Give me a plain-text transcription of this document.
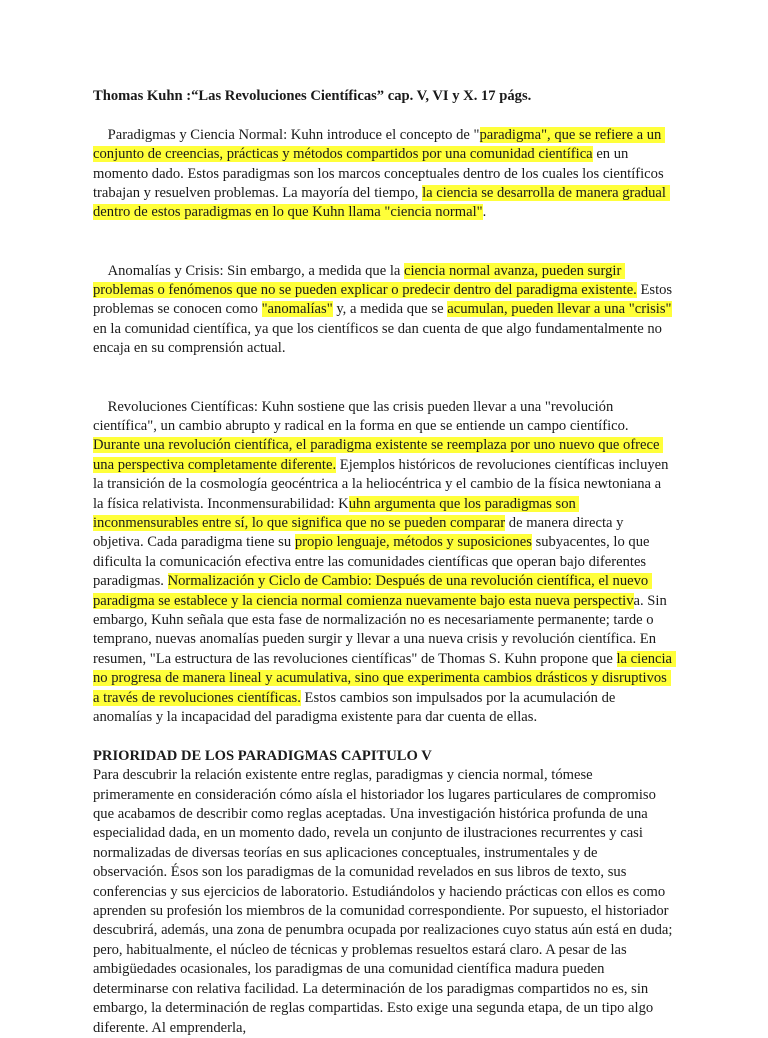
Thomas Kuhn :“Las Revoluciones Científicas” cap. V, VI y X. 17 págs.

Paradigmas y Ciencia Normal: Kuhn introduce el concepto de "paradigma", que se refiere a un conjunto de creencias, prácticas y métodos compartidos por una comunidad científica en un momento dado. Estos paradigmas son los marcos conceptuales dentro de los cuales los científicos trabajan y resuelven problemas. La mayoría del tiempo, la ciencia se desarrolla de manera gradual dentro de estos paradigmas en lo que Kuhn llama "ciencia normal".

Anomalías y Crisis: Sin embargo, a medida que la ciencia normal avanza, pueden surgir problemas o fenómenos que no se pueden explicar o predecir dentro del paradigma existente. Estos problemas se conocen como "anomalías" y, a medida que se acumulan, pueden llevar a una "crisis" en la comunidad científica, ya que los científicos se dan cuenta de que algo fundamentalmente no encaja en su comprensión actual.

Revoluciones Científicas: Kuhn sostiene que las crisis pueden llevar a una "revolución científica", un cambio abrupto y radical en la forma en que se entiende un campo científico. Durante una revolución científica, el paradigma existente se reemplaza por uno nuevo que ofrece una perspectiva completamente diferente. Ejemplos históricos de revoluciones científicas incluyen la transición de la cosmología geocéntrica a la heliocéntrica y el cambio de la física newtoniana a la física relativista. Inconmensurabilidad: Kuhn argumenta que los paradigmas son inconmensurables entre sí, lo que significa que no se pueden comparar de manera directa y objetiva. Cada paradigma tiene su propio lenguaje, métodos y suposiciones subyacentes, lo que dificulta la comunicación efectiva entre las comunidades científicas que operan bajo diferentes paradigmas. Normalización y Ciclo de Cambio: Después de una revolución científica, el nuevo paradigma se establece y la ciencia normal comienza nuevamente bajo esta nueva perspectiva. Sin embargo, Kuhn señala que esta fase de normalización no es necesariamente permanente; tarde o temprano, nuevas anomalías pueden surgir y llevar a una nueva crisis y revolución científica. En resumen, "La estructura de las revoluciones científicas" de Thomas S. Kuhn propone que la ciencia no progresa de manera lineal y acumulativa, sino que experimenta cambios drásticos y disruptivos a través de revoluciones científicas. Estos cambios son impulsados por la acumulación de anomalías y la incapacidad del paradigma existente para dar cuenta de ellas.

PRIORIDAD DE LOS PARADIGMAS CAPITULO V
Para descubrir la relación existente entre reglas, paradigmas y ciencia normal, tómese primeramente en consideración cómo aísla el historiador los lugares particulares de compromiso que acabamos de describir como reglas aceptadas. Una investigación histórica profunda de una especialidad dada, en un momento dado, revela un conjunto de ilustraciones recurrentes y casi normalizadas de diversas teorías en sus aplicaciones conceptuales, instrumentales y de observación. Ésos son los paradigmas de la comunidad revelados en sus libros de texto, sus conferencias y sus ejercicios de laboratorio. Estudiándolos y haciendo prácticas con ellos es como aprenden su profesión los miembros de la comunidad correspondiente. Por supuesto, el historiador descubrirá, además, una zona de penumbra ocupada por realizaciones cuyo status aún está en duda; pero, habitualmente, el núcleo de técnicas y problemas resueltos estará claro. A pesar de las ambigüedades ocasionales, los paradigmas de una comunidad científica madura pueden determinarse con relativa facilidad. La determinación de los paradigmas compartidos no es, sin embargo, la determinación de reglas compartidas. Esto exige una segunda etapa, de un tipo algo diferente. Al emprenderla,
